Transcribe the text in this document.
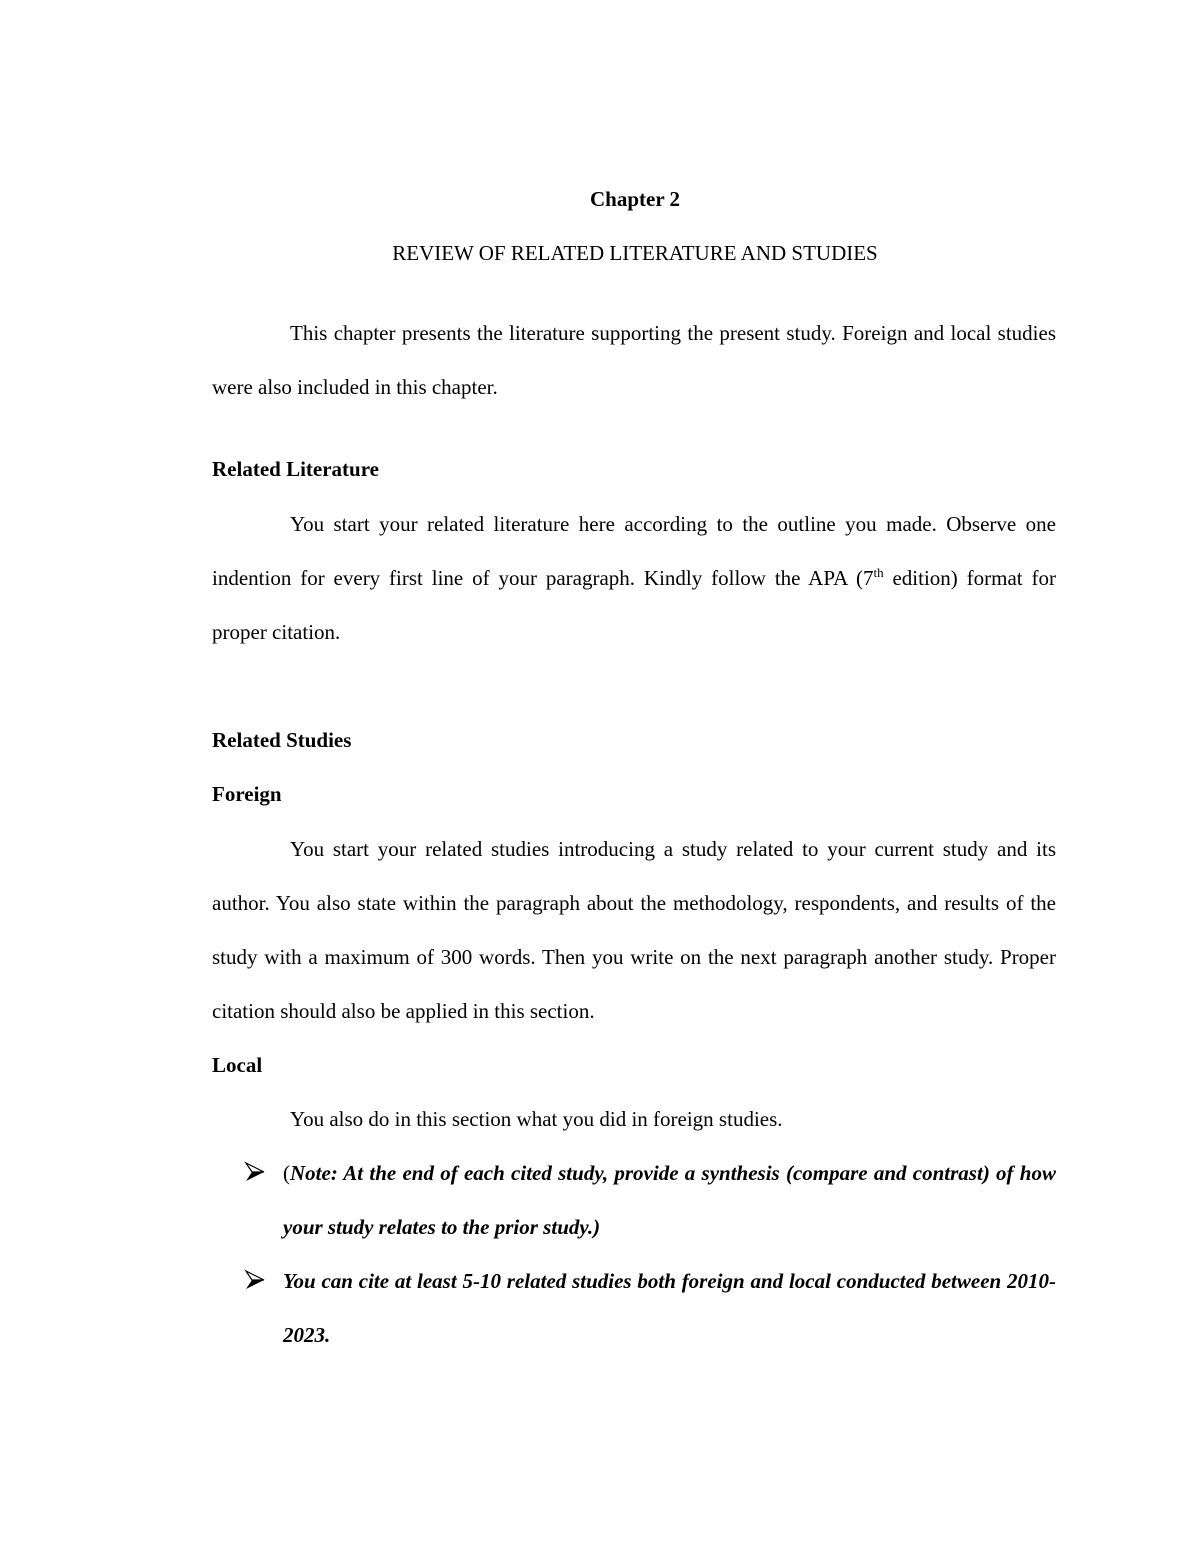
Chapter 2

REVIEW OF RELATED LITERATURE AND STUDIES

This chapter presents the literature supporting the present study. Foreign and local studies were also included in this chapter.

Related Literature

You start your related literature here according to the outline you made. Observe one indention for every first line of your paragraph. Kindly follow the APA (7th edition) format for proper citation.

Related Studies

Foreign

You start your related studies introducing a study related to your current study and its author. You also state within the paragraph about the methodology, respondents, and results of the study with a maximum of 300 words. Then you write on the next paragraph another study. Proper citation should also be applied in this section.

Local

You also do in this section what you did in foreign studies.

(Note: At the end of each cited study, provide a synthesis (compare and contrast) of how your study relates to the prior study.)
You can cite at least 5-10 related studies both foreign and local conducted between 2010-2023.
